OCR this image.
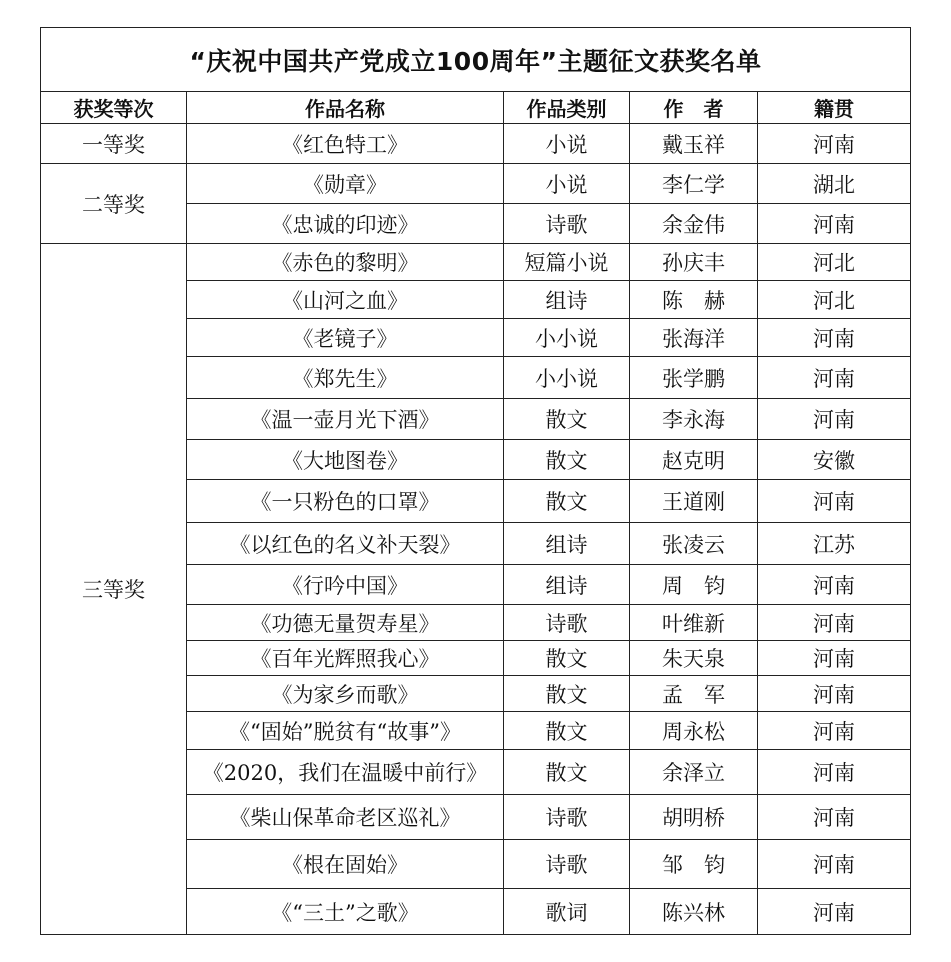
“庆祝中国共产党成立100周年”主题征文获奖名单				
获奖等次	作品名称	作品类别	作　者	籍贯
一等奖	《红色特工》	小说	戴玉祥	河南
二等奖	《勋章》	小说	李仁学	湖北
	《忠诚的印迹》	诗歌	余金伟	河南
三等奖	《赤色的黎明》	短篇小说	孙庆丰	河北
	《山河之血》	组诗	陈　赫	河北
	《老镜子》	小小说	张海洋	河南
	《郑先生》	小小说	张学鹏	河南
	《温一壶月光下酒》	散文	李永海	河南
	《大地图卷》	散文	赵克明	安徽
	《一只粉色的口罩》	散文	王道刚	河南
	《以红色的名义补天裂》	组诗	张凌云	江苏
	《行吟中国》	组诗	周　钧	河南
	《功德无量贺寿星》	诗歌	叶维新	河南
	《百年光辉照我心》	散文	朱天泉	河南
	《为家乡而歌》	散文	孟　军	河南
	《“固始”脱贫有“故事”》	散文	周永松	河南
	《2020，我们在温暖中前行》	散文	余泽立	河南
	《柴山保革命老区巡礼》	诗歌	胡明桥	河南
	《根在固始》	诗歌	邹　钧	河南
	《“三土”之歌》	歌词	陈兴林	河南
